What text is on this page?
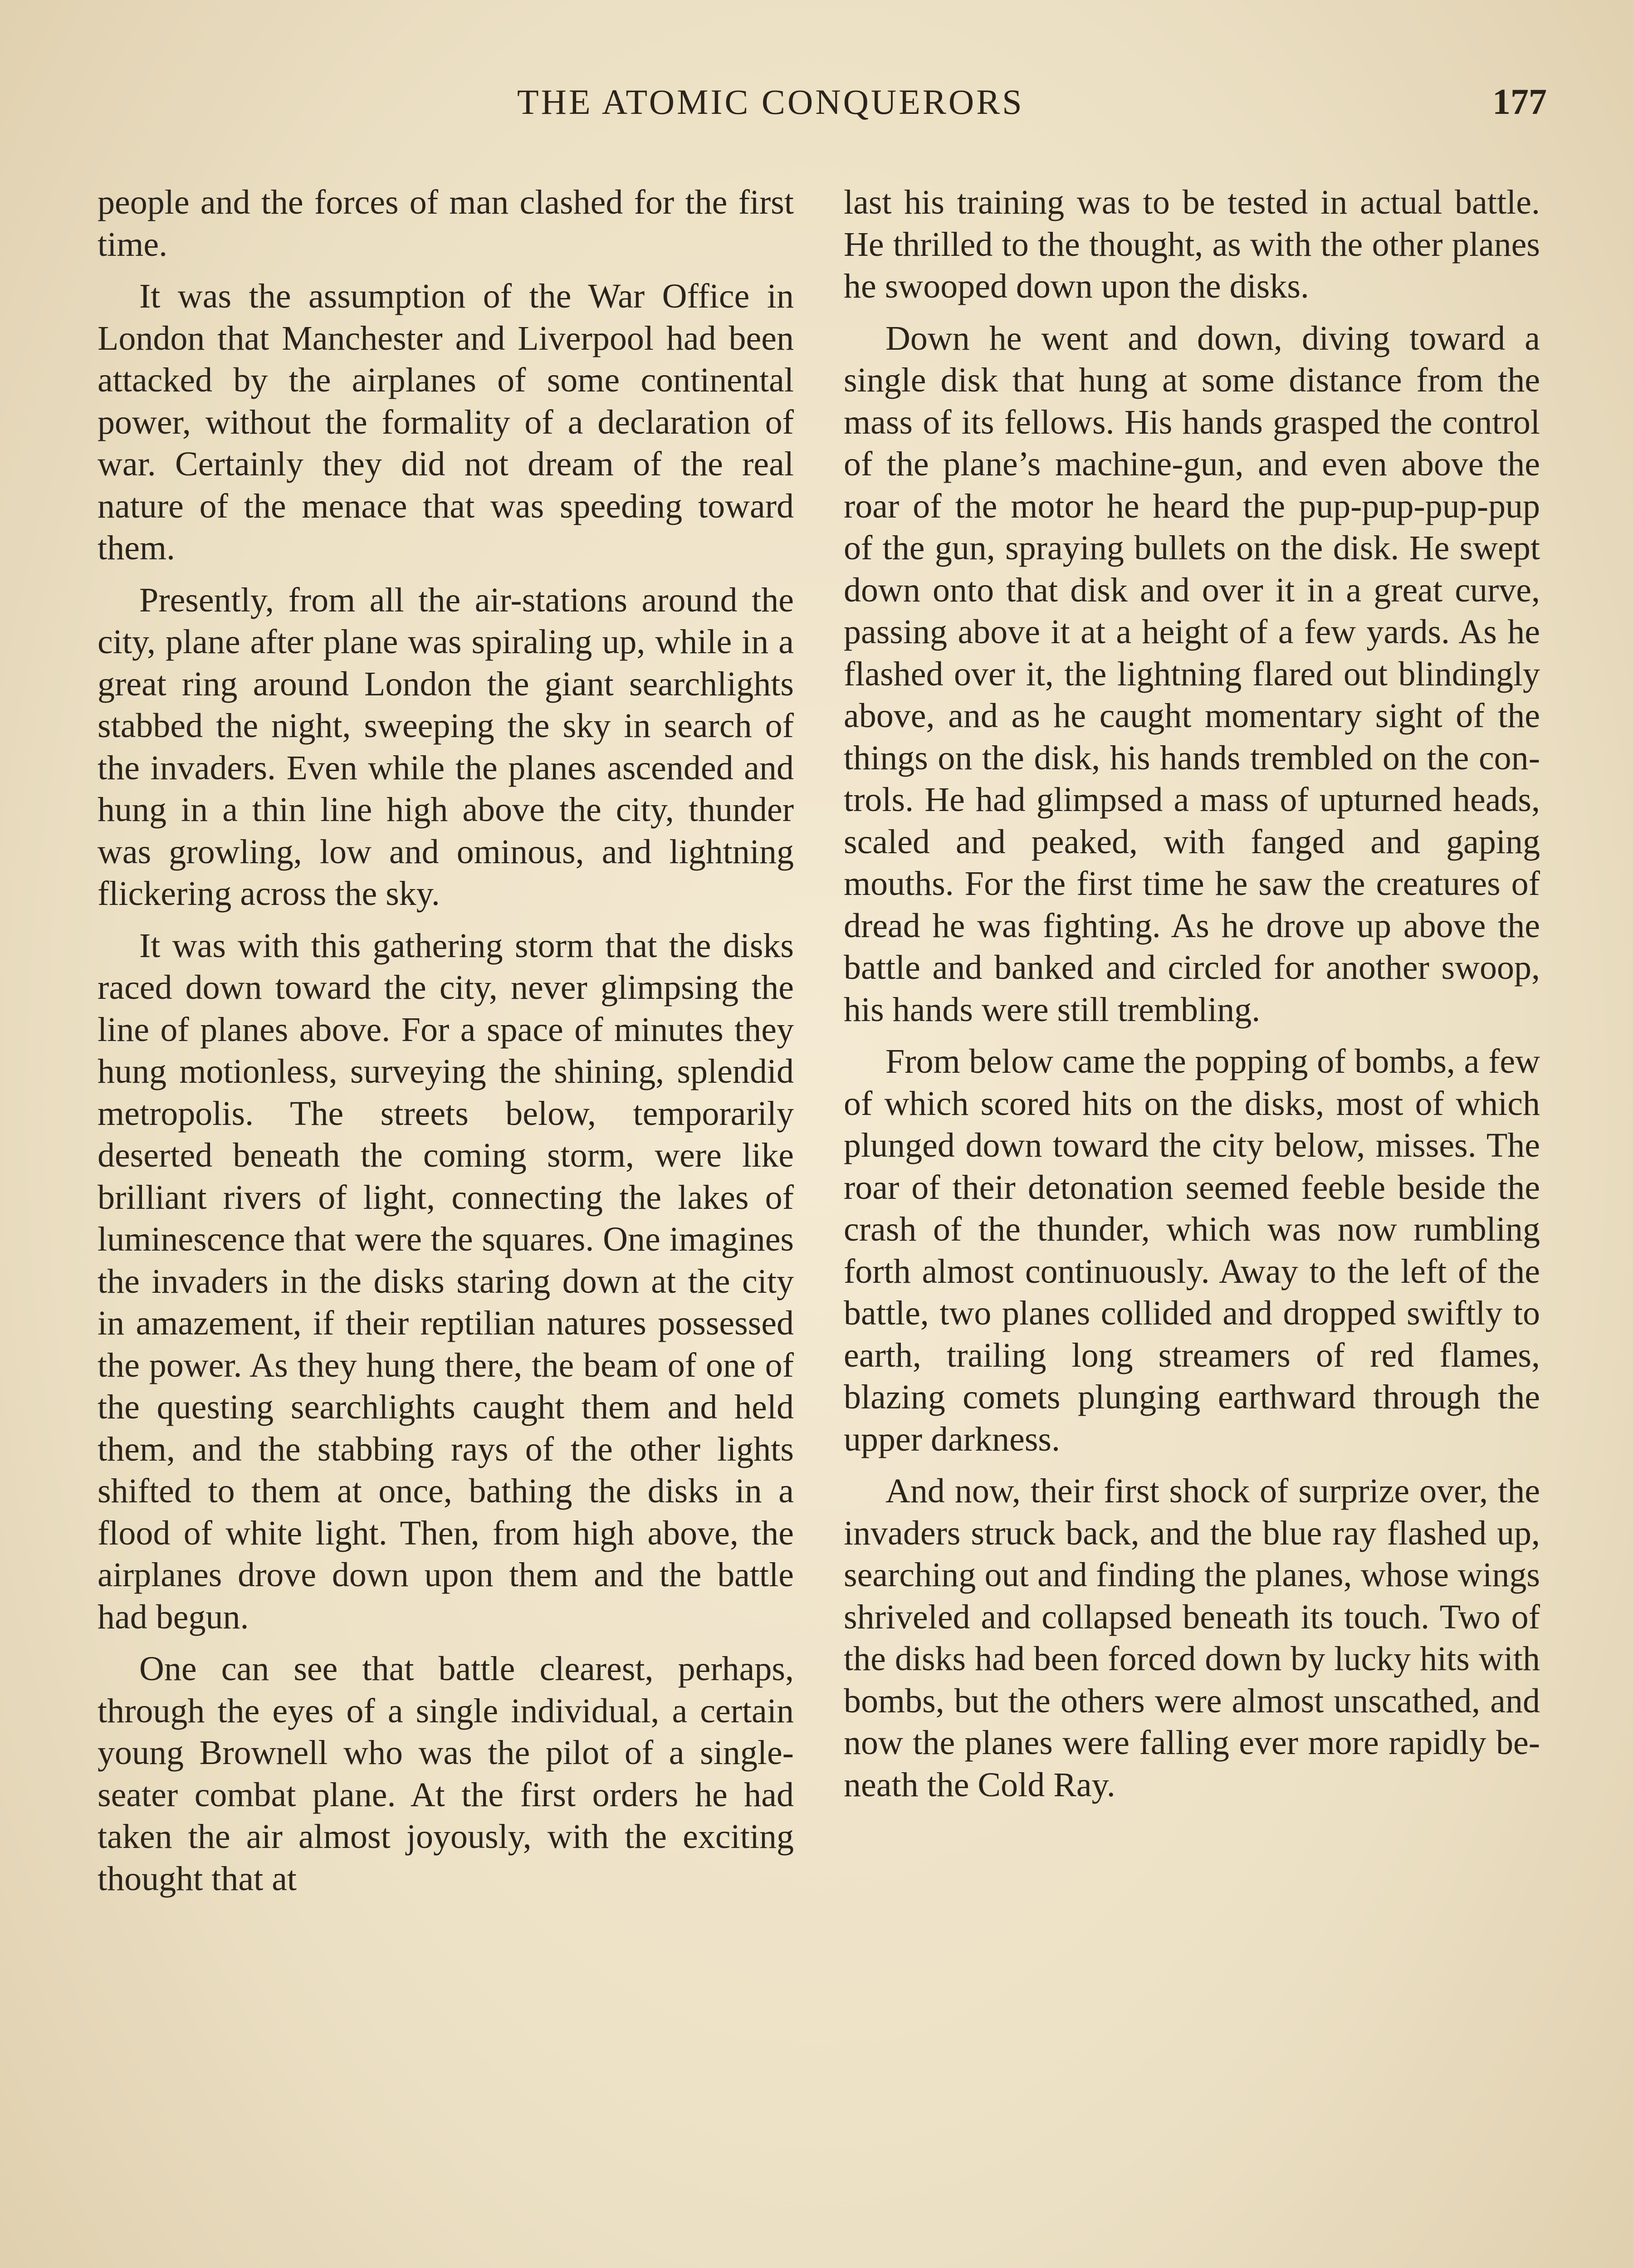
THE ATOMIC CONQUERORS	177

people and the forces of man clashed for the first time.

It was the assumption of the War Office in London that Manchester and Liverpool had been attacked by the airplanes of some continental power, without the formality of a declaration of war. Certainly they did not dream of the real nature of the menace that was speeding toward them.

Presently, from all the air-stations around the city, plane after plane was spiraling up, while in a great ring around London the giant searchlights stabbed the night, sweeping the sky in search of the invaders. Even while the planes ascended and hung in a thin line high above the city, thunder was growling, low and ominous, and lightning flickering across the sky.

It was with this gathering storm that the disks raced down toward the city, never glimpsing the line of planes above. For a space of minutes they hung motionless, surveying the shining, splendid metropolis. The streets below, temporarily deserted beneath the coming storm, were like brilliant rivers of light, connecting the lakes of luminescence that were the squares. One imagines the invaders in the disks staring down at the city in amazement, if their reptilian natures possessed the power. As they hung there, the beam of one of the questing searchlights caught them and held them, and the stabbing rays of the other lights shifted to them at once, bathing the disks in a flood of white light. Then, from high above, the airplanes drove down upon them and the battle had begun.

One can see that battle clearest, perhaps, through the eyes of a single individual, a certain young Brownell who was the pilot of a single-seater combat plane. At the first orders he had taken the air almost joyously, with the exciting thought that at

last his training was to be tested in actual battle. He thrilled to the thought, as with the other planes he swooped down upon the disks.

Down he went and down, diving toward a single disk that hung at some distance from the mass of its fellows. His hands grasped the control of the plane’s machine-gun, and even above the roar of the motor he heard the pup-pup-pup-pup of the gun, spraying bullets on the disk. He swept down onto that disk and over it in a great curve, passing above it at a height of a few yards. As he flashed over it, the lightning flared out blindingly above, and as he caught momentary sight of the things on the disk, his hands trembled on the controls. He had glimpsed a mass of upturned heads, scaled and peaked, with fanged and gaping mouths. For the first time he saw the creatures of dread he was fighting. As he drove up above the battle and banked and circled for another swoop, his hands were still trembling.

From below came the popping of bombs, a few of which scored hits on the disks, most of which plunged down toward the city below, misses. The roar of their detonation seemed feeble beside the crash of the thunder, which was now rumbling forth almost continuously. Away to the left of the battle, two planes collided and dropped swiftly to earth, trailing long streamers of red flames, blazing comets plunging earthward through the upper darkness.

And now, their first shock of surprize over, the invaders struck back, and the blue ray flashed up, searching out and finding the planes, whose wings shriveled and collapsed beneath its touch. Two of the disks had been forced down by lucky hits with bombs, but the others were almost unscathed, and now the planes were falling ever more rapidly beneath the Cold Ray.
